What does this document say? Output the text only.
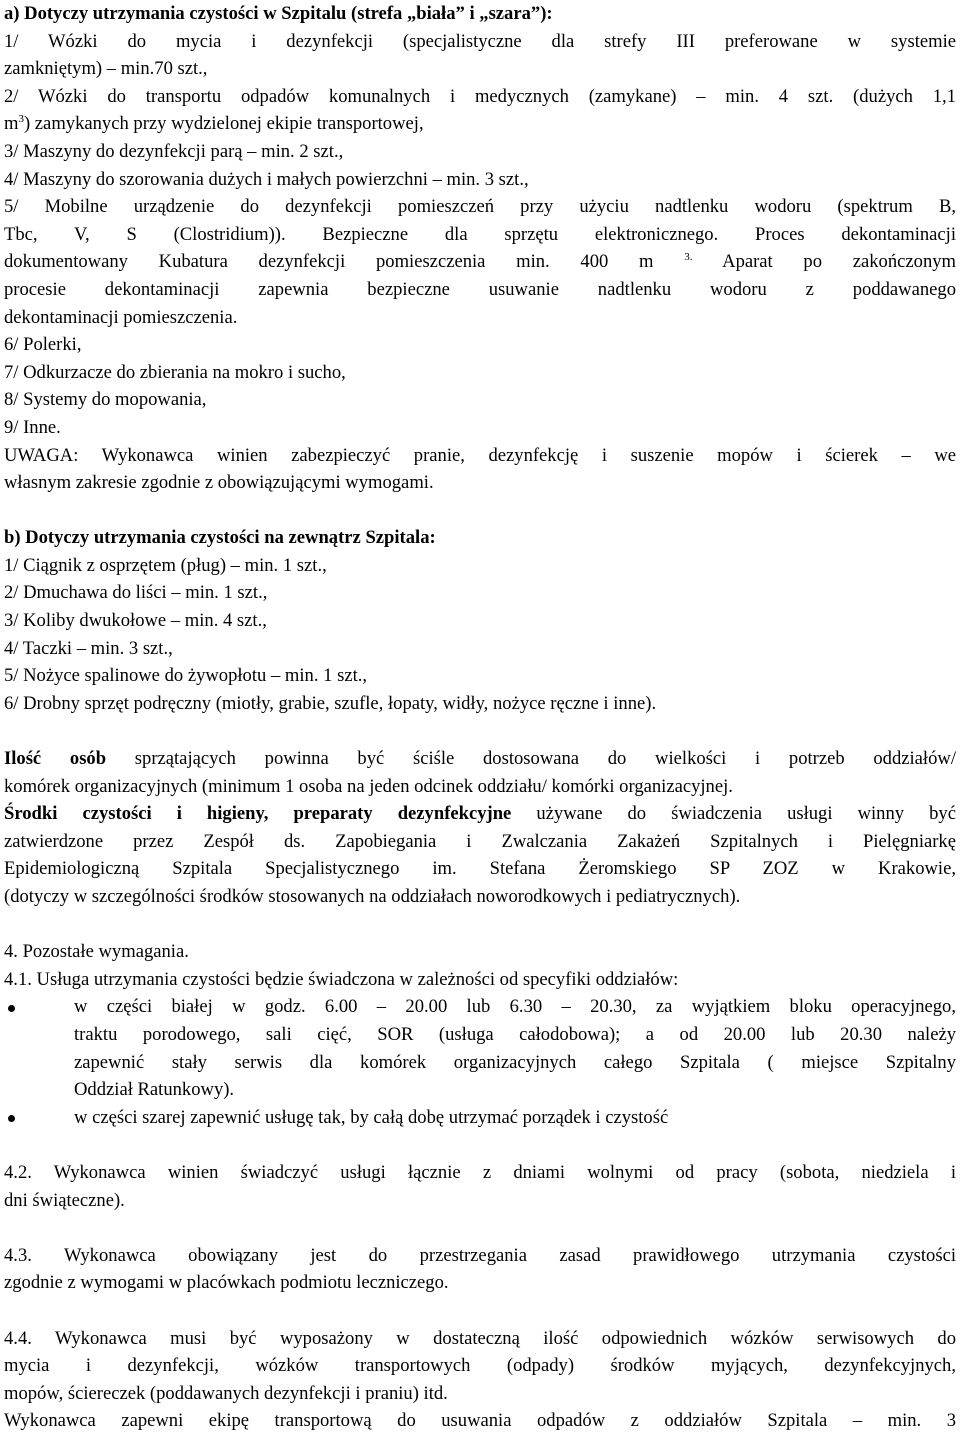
a) Dotyczy utrzymania czystości w Szpitalu (strefa „biała” i „szara”):
1/ Wózki do mycia i dezynfekcji (specjalistyczne dla strefy III preferowane w systemie
zamkniętym) – min.70 szt.,
2/ Wózki do transportu odpadów komunalnych i medycznych (zamykane) – min. 4 szt. (dużych 1,1
$m^3$) zamykanych przy wydzielonej ekipie transportowej,
3/ Maszyny do dezynfekcji parą – min. 2 szt.,
4/ Maszyny do szorowania dużych i małych powierzchni – min. 3 szt.,
5/ Mobilne urządzenie do dezynfekcji pomieszczeń przy użyciu nadtlenku wodoru (spektrum B,
Tbc, V, S (Clostridium)). Bezpieczne dla sprzętu elektronicznego. Proces dekontaminacji
dokumentowany Kubatura dezynfekcji pomieszczenia min. 400 m	$^{3.}$ Aparat po zakończonym
procesie dekontaminacji zapewnia bezpieczne usuwanie nadtlenku wodoru z poddawanego
dekontaminacji pomieszczenia.
6/ Polerki,
7/ Odkurzacze do zbierania na mokro i sucho,
8/ Systemy do mopowania,
9/ Inne.
UWAGA: Wykonawca winien zabezpieczyć pranie, dezynfekcję i suszenie mopów i ścierek – we
własnym zakresie zgodnie z obowiązującymi wymogami.
b) Dotyczy utrzymania czystości na zewnątrz Szpitala:
1/ Ciągnik z osprzętem (pług) – min. 1 szt.,
2/ Dmuchawa do liści – min. 1 szt.,
3/ Koliby dwukołowe – min. 4 szt.,
4/ Taczki – min. 3 szt.,
5/ Nożyce spalinowe do żywopłotu – min. 1 szt.,
6/ Drobny sprzęt podręczny (miotły, grabie, szufle, łopaty, widły, nożyce ręczne i inne).
Ilość osób sprzątających powinna być ściśle dostosowana do wielkości i potrzeb oddziałów/
komórek organizacyjnych (minimum 1 osoba na jeden odcinek oddziału/ komórki organizacyjnej.
Środki czystości i higieny, preparaty dezynfekcyjne używane do świadczenia usługi winny być
zatwierdzone przez Zespół ds. Zapobiegania i Zwalczania Zakażeń Szpitalnych i Pielęgniarkę
Epidemiologiczną Szpitala Specjalistycznego im. Stefana Żeromskiego SP ZOZ w Krakowie,
(dotyczy w szczególności środków stosowanych na oddziałach noworodkowych i pediatrycznych).
4. Pozostałe wymagania.
4.1. Usługa utrzymania czystości będzie świadczona w zależności od specyfiki oddziałów:
w części białej w godz. 6.00 – 20.00 lub 6.30 – 20.30, za wyjątkiem bloku operacyjnego,
traktu porodowego, sali cięć, SOR (usługa całodobowa); a od 20.00 lub 20.30 należy
zapewnić stały serwis dla komórek organizacyjnych całego Szpitala ( miejsce Szpitalny
Oddział Ratunkowy).
w części szarej zapewnić usługę tak, by całą dobę utrzymać porządek i czystość
4.2. Wykonawca winien świadczyć usługi łącznie z dniami wolnymi od pracy (sobota, niedziela i
dni świąteczne).
4.3. Wykonawca obowiązany jest do przestrzegania zasad prawidłowego utrzymania czystości
zgodnie z wymogami w placówkach podmiotu leczniczego.
4.4. Wykonawca musi być wyposażony w dostateczną ilość odpowiednich wózków serwisowych do
mycia i dezynfekcji, wózków transportowych (odpady) środków myjących, dezynfekcyjnych,
mopów, ściereczek (poddawanych dezynfekcji i praniu) itd.
Wykonawca zapewni ekipę transportową do usuwania odpadów z oddziałów Szpitala – min. 3
